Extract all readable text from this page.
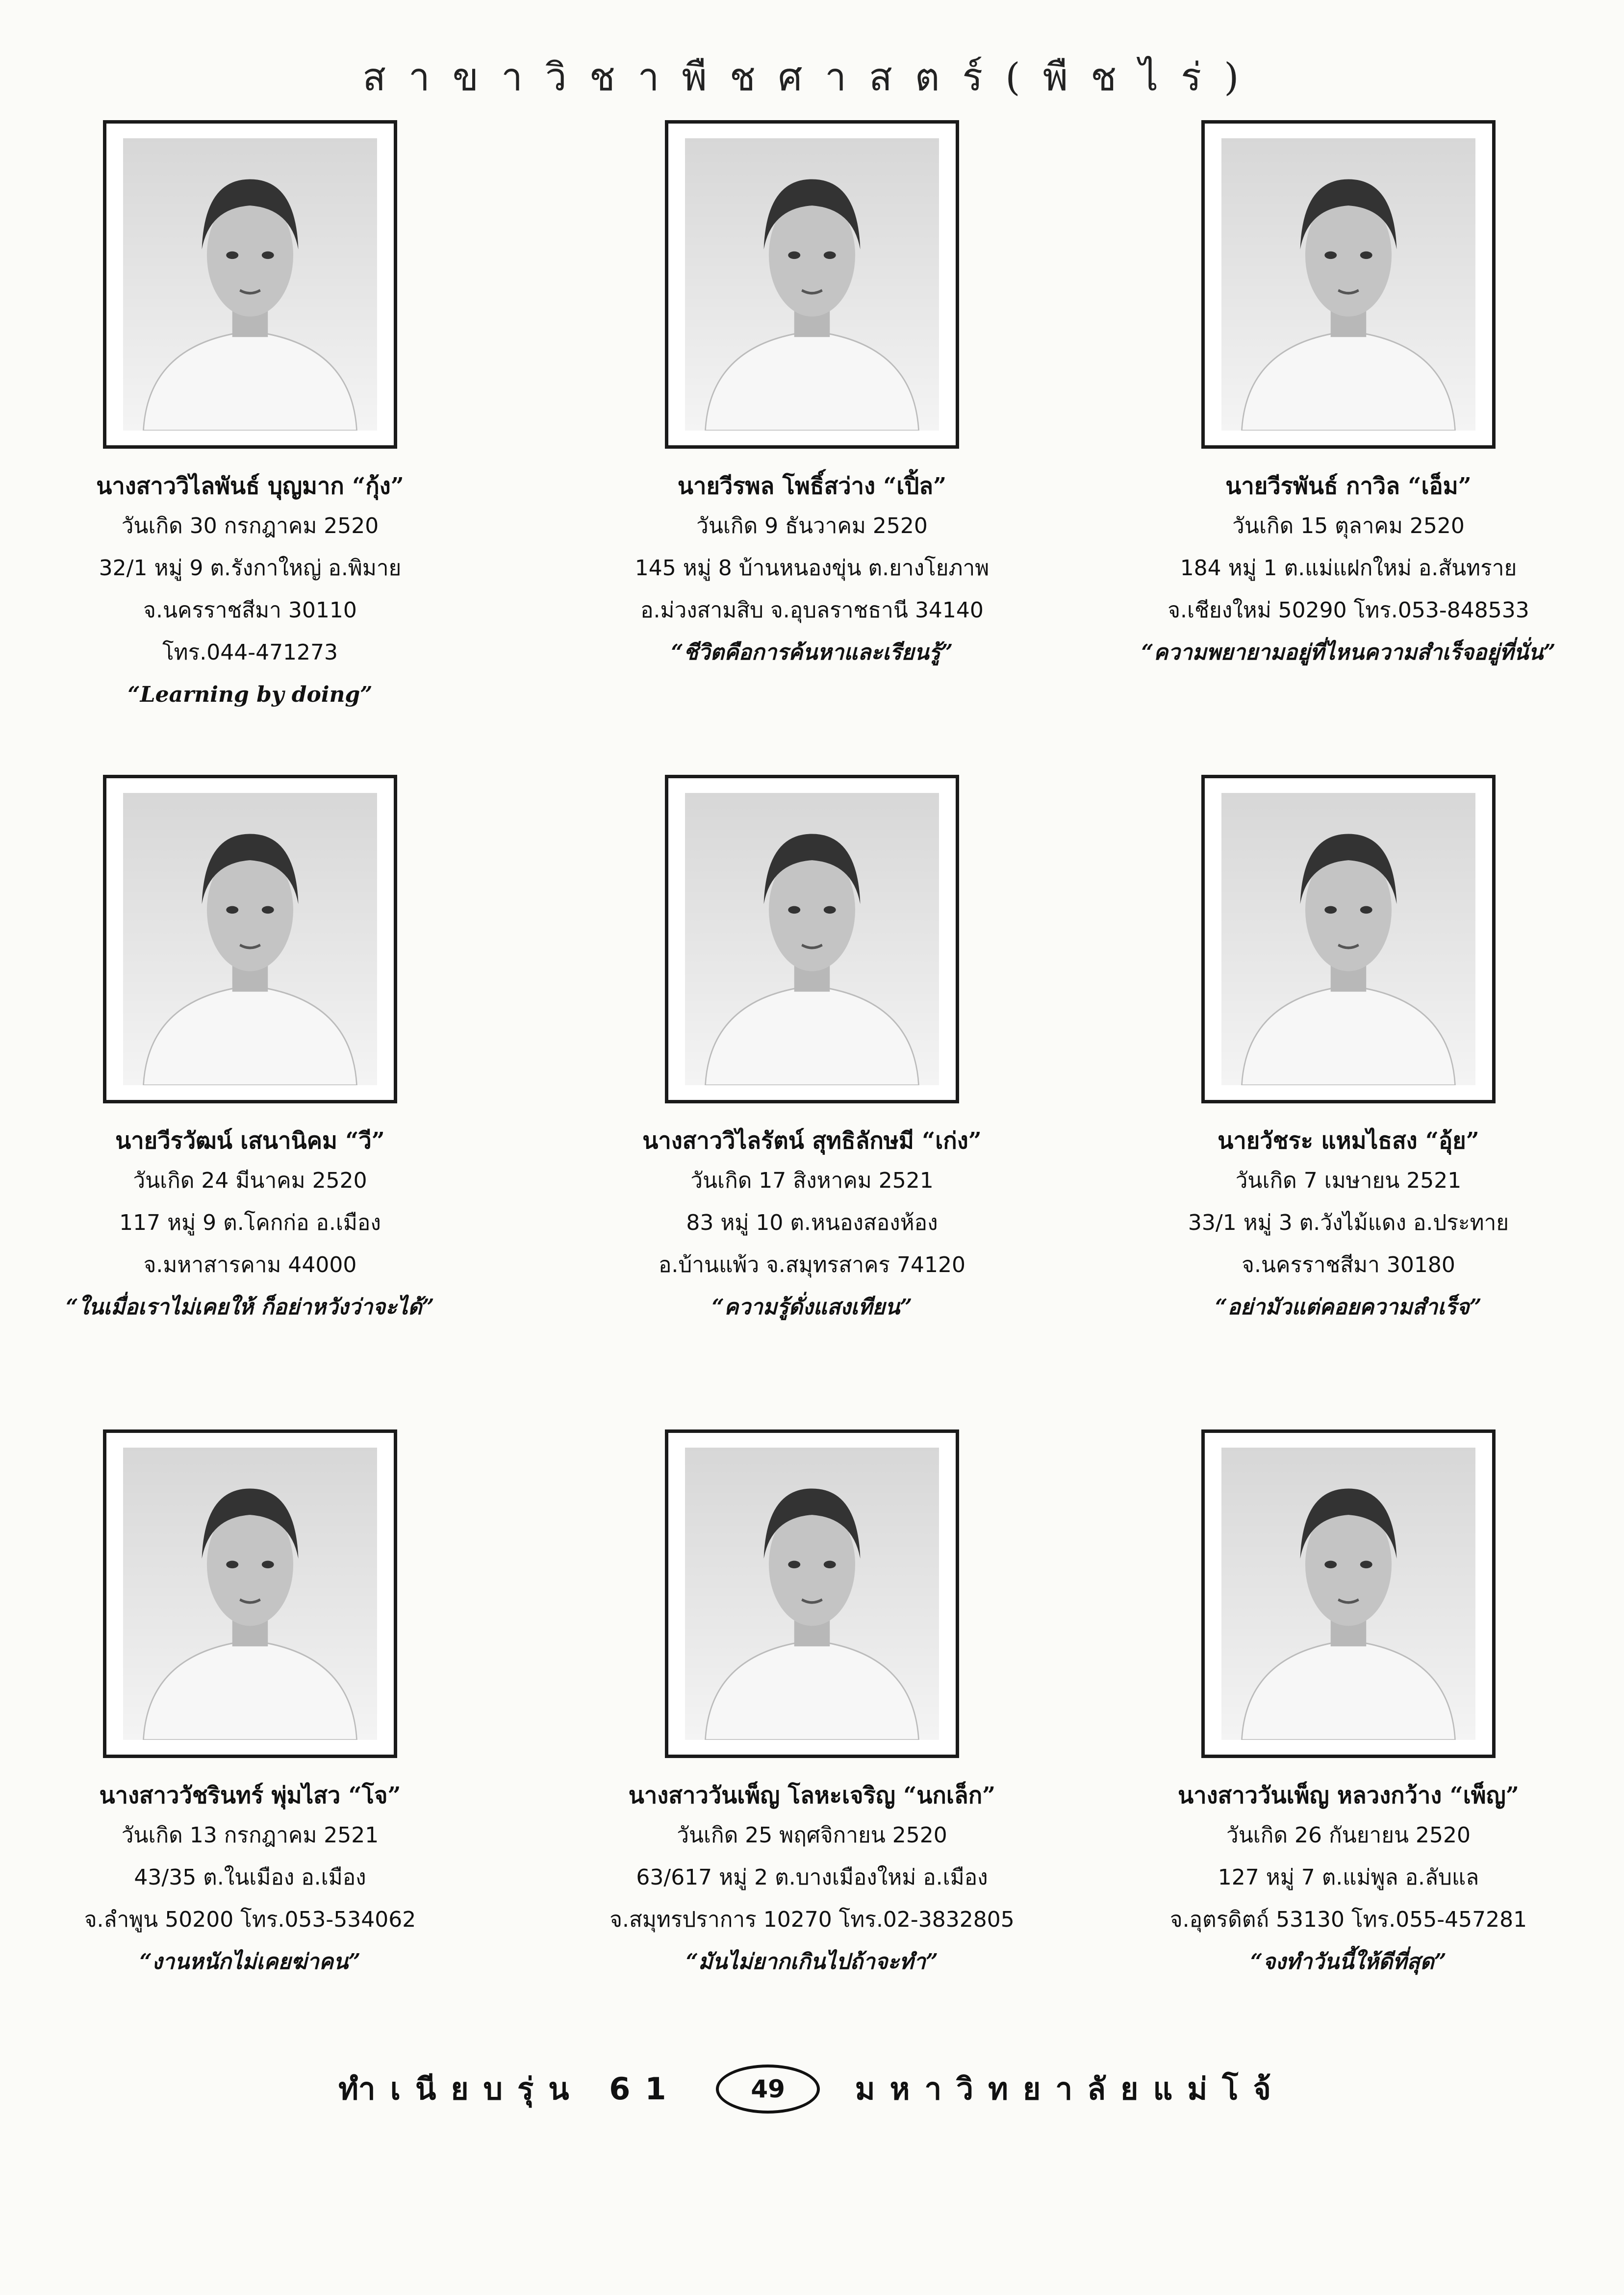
สาขาวิชาพืชศาสตร์(พืชไร่)
นางสาววิไลพันธ์ บุญมาก “กุ้ง”
วันเกิด 30 กรกฎาคม 2520
32/1 หมู่ 9 ต.รังกาใหญ่ อ.พิมาย
จ.นครราชสีมา 30110
โทร.044-471273
“Learning by doing”
นายวีรพล โพธิ์สว่าง “เปิ้ล”
วันเกิด 9 ธันวาคม 2520
145 หมู่ 8 บ้านหนองขุ่น ต.ยางโยภาพ
อ.ม่วงสามสิบ จ.อุบลราชธานี 34140
“ชีวิตคือการค้นหาและเรียนรู้”
นายวีรพันธ์ กาวิล “เอ็ม”
วันเกิด 15 ตุลาคม 2520
184 หมู่ 1 ต.แม่แฝกใหม่ อ.สันทราย
จ.เชียงใหม่ 50290 โทร.053-848533
“ความพยายามอยู่ที่ไหนความสำเร็จอยู่ที่นั่น”
นายวีรวัฒน์ เสนานิคม “วี”
วันเกิด 24 มีนาคม 2520
117 หมู่ 9 ต.โคกก่อ อ.เมือง
จ.มหาสารคาม 44000
“ในเมื่อเราไม่เคยให้ ก็อย่าหวังว่าจะได้”
นางสาววิไลรัตน์ สุทธิลักษมี “เก่ง”
วันเกิด 17 สิงหาคม 2521
83 หมู่ 10 ต.หนองสองห้อง
อ.บ้านแพ้ว จ.สมุทรสาคร 74120
“ความรู้ดั่งแสงเทียน”
นายวัชระ แหมไธสง “อุ้ย”
วันเกิด 7 เมษายน 2521
33/1 หมู่ 3 ต.วังไม้แดง อ.ประทาย
จ.นครราชสีมา 30180
“อย่ามัวแต่คอยความสำเร็จ”
นางสาววัชรินทร์ พุ่มไสว “โจ”
วันเกิด 13 กรกฎาคม 2521
43/35 ต.ในเมือง อ.เมือง
จ.ลำพูน 50200 โทร.053-534062
“งานหนักไม่เคยฆ่าคน”
นางสาววันเพ็ญ โลหะเจริญ “นกเล็ก”
วันเกิด 25 พฤศจิกายน 2520
63/617 หมู่ 2 ต.บางเมืองใหม่ อ.เมือง
จ.สมุทรปราการ 10270 โทร.02-3832805
“มันไม่ยากเกินไปถ้าจะทำ”
นางสาววันเพ็ญ หลวงกว้าง “เพ็ญ”
วันเกิด 26 กันยายน 2520
127 หมู่ 7 ต.แม่พูล อ.ลับแล
จ.อุตรดิตถ์ 53130 โทร.055-457281
“จงทำวันนี้ให้ดีที่สุด”
ทำเนียบรุ่น 61	49 มหาวิทยาลัยแม่โจ้
